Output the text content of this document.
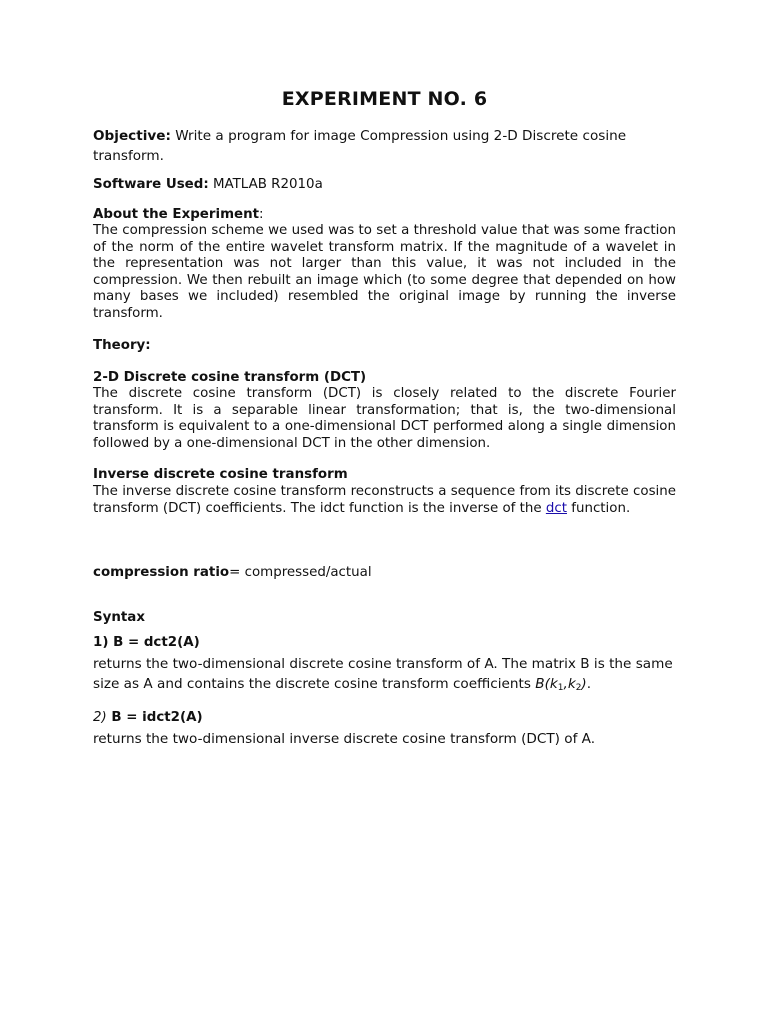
EXPERIMENT NO. 6
Objective: Write a program for image Compression using 2-D Discrete cosine transform.
Software Used: MATLAB R2010a
About the Experiment:
The compression scheme we used was to set a threshold value that was some fraction of the norm of the entire wavelet transform matrix. If the magnitude of a wavelet in the representation was not larger than this value, it was not included in the compression. We then rebuilt an image which (to some degree that depended on how many bases we included) resembled the original image by running the inverse transform.
Theory:
2-D Discrete cosine transform (DCT)
The discrete cosine transform (DCT) is closely related to the discrete Fourier transform. It is a separable linear transformation; that is, the two-dimensional transform is equivalent to a one-dimensional DCT performed along a single dimension followed by a one-dimensional DCT in the other dimension.
Inverse discrete cosine transform
The inverse discrete cosine transform reconstructs a sequence from its discrete cosine transform (DCT) coefficients. The idct function is the inverse of the dct function.
compression ratio= compressed/actual
Syntax
1) B = dct2(A)
returns the two-dimensional discrete cosine transform of A. The matrix B is the same size as A and contains the discrete cosine transform coefficients $B(k_1,k_2)$.
2) B = idct2(A)
returns the two-dimensional inverse discrete cosine transform (DCT) of A.
